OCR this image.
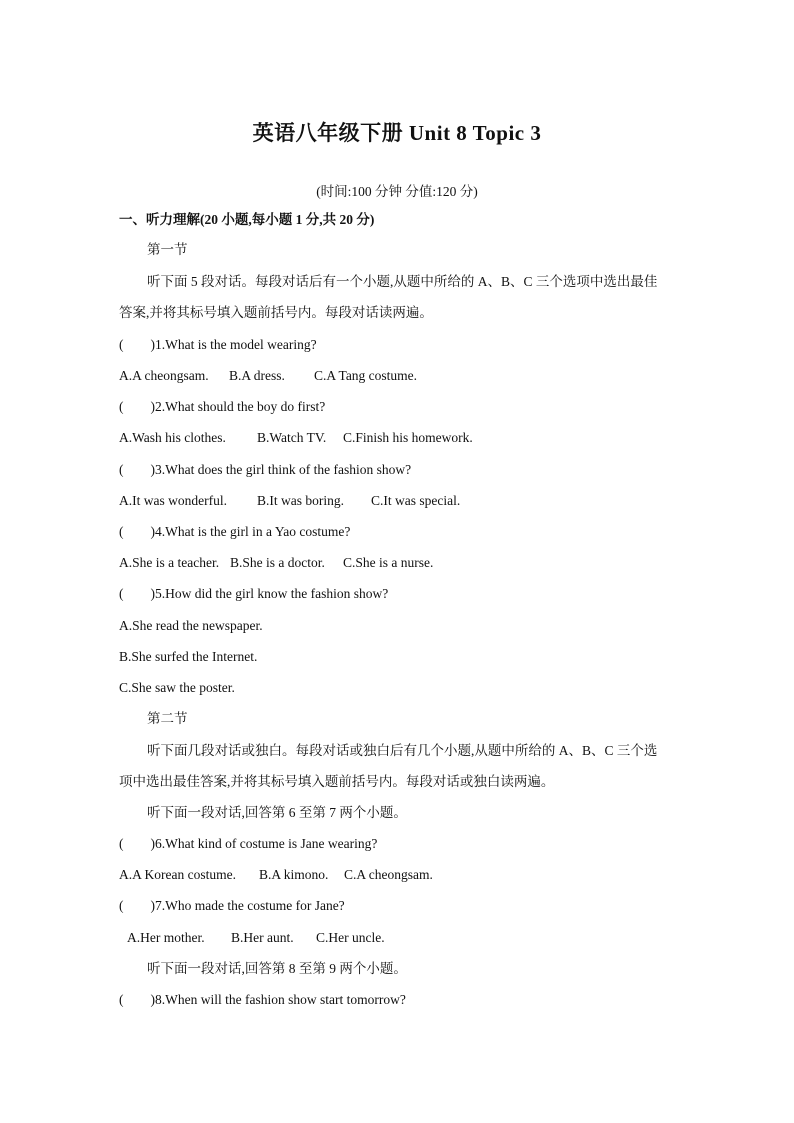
英语八年级下册 Unit 8 Topic 3
(时间:100 分钟 分值:120 分)
一、听力理解(20 小题,每小题 1 分,共 20 分)
第一节
听下面 5 段对话。每段对话后有一个小题,从题中所给的 A、B、C 三个选项中选出最佳
答案,并将其标号填入题前括号内。每段对话读两遍。
(        )1.What is the model wearing?
A.A cheongsam. B.A dress. C.A Tang costume.
(        )2.What should the boy do first?
A.Wash his clothes. B.Watch TV. C.Finish his homework.
(        )3.What does the girl think of the fashion show?
A.It was wonderful. B.It was boring. C.It was special.
(        )4.What is the girl in a Yao costume?
A.She is a teacher. B.She is a doctor. C.She is a nurse.
(        )5.How did the girl know the fashion show?
A.She read the newspaper.
B.She surfed the Internet.
C.She saw the poster.
第二节
听下面几段对话或独白。每段对话或独白后有几个小题,从题中所给的 A、B、C 三个选
项中选出最佳答案,并将其标号填入题前括号内。每段对话或独白读两遍。
听下面一段对话,回答第 6 至第 7 两个小题。
(        )6.What kind of costume is Jane wearing?
A.A Korean costume. B.A kimono. C.A cheongsam.
(        )7.Who made the costume for Jane?
A.Her mother. B.Her aunt. C.Her uncle.
听下面一段对话,回答第 8 至第 9 两个小题。
(        )8.When will the fashion show start tomorrow?
